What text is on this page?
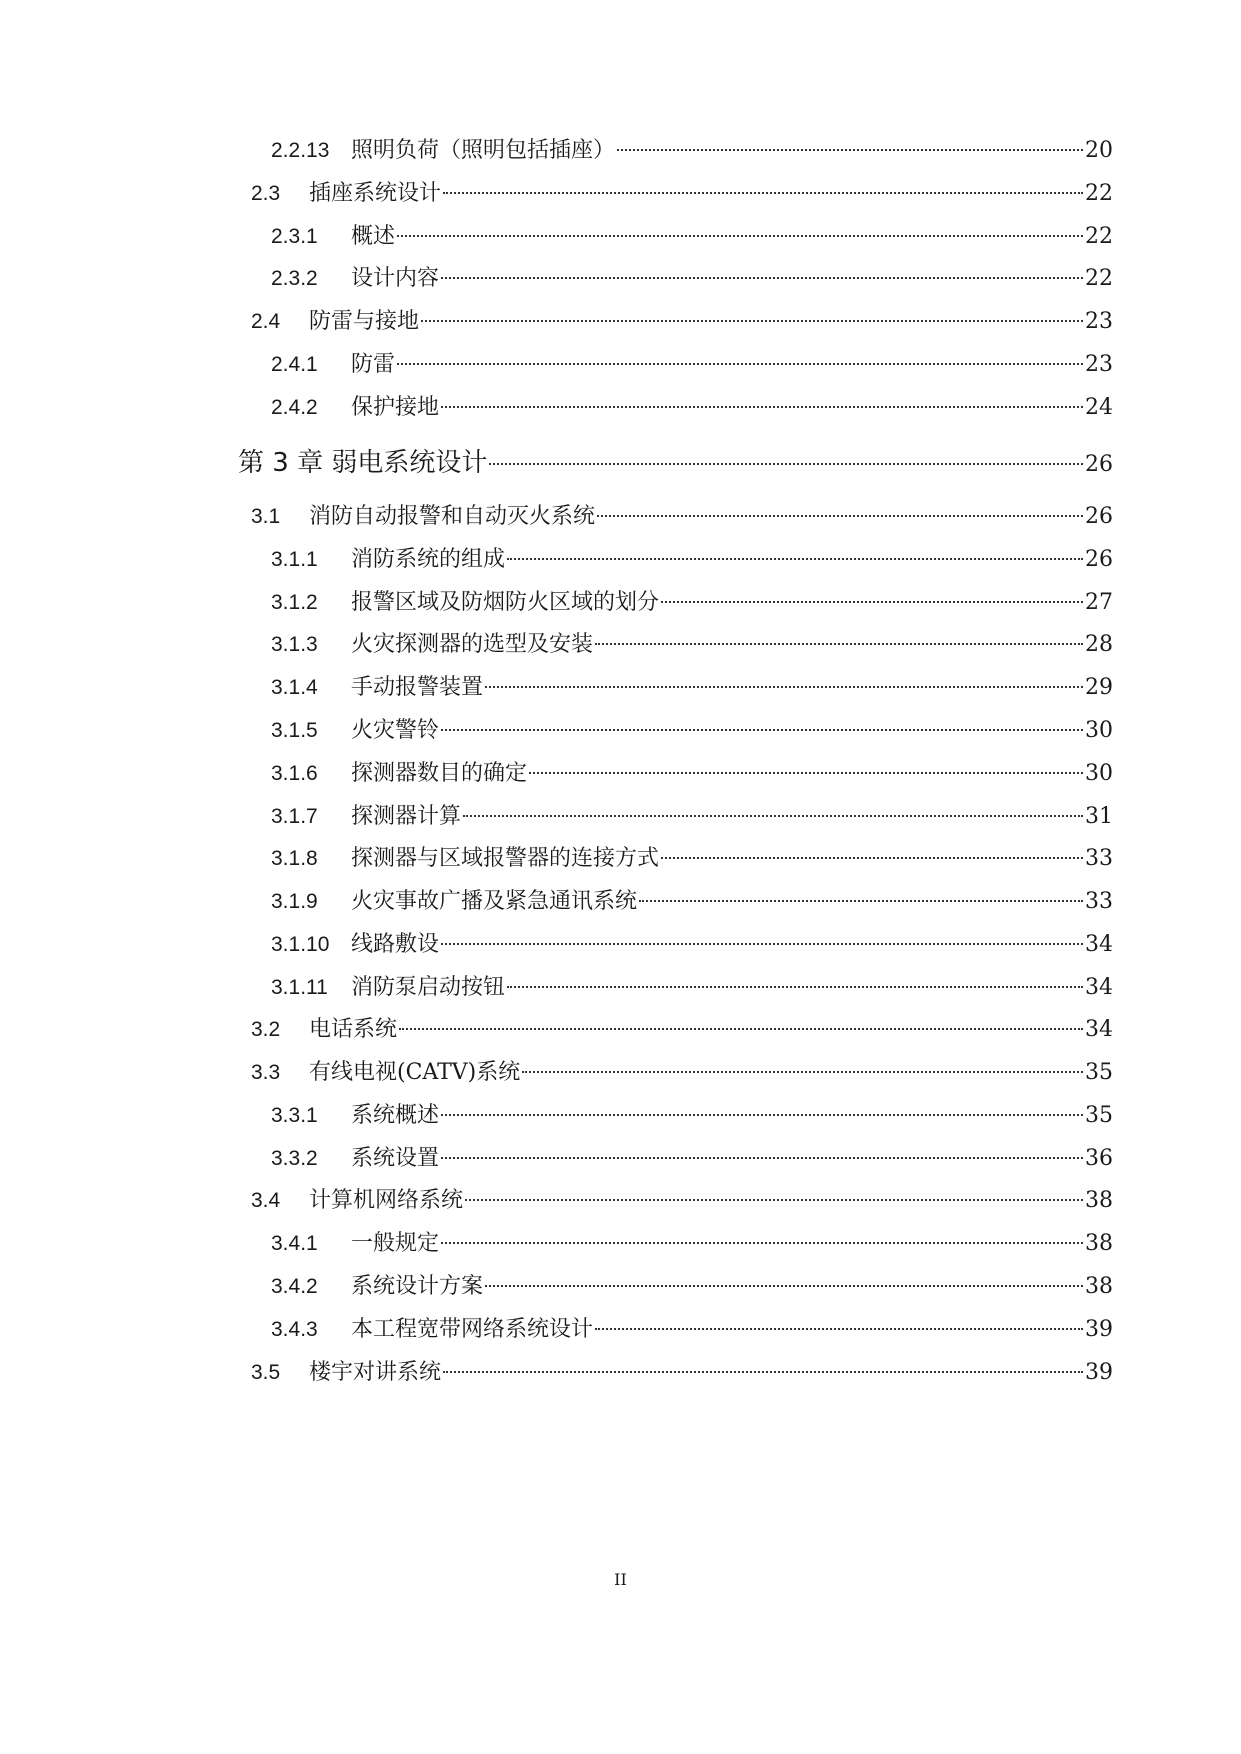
2.2.13 照明负荷（照明包括插座）	20
2.3	插座系统设计	22
2.3.1	概述	22
2.3.2	设计内容	22
2.4	防雷与接地	23
2.4.1	防雷	23
2.4.2	保护接地	24
第 3 章 弱电系统设计	26
3.1	消防自动报警和自动灭火系统	26
3.1.1	消防系统的组成	26
3.1.2	报警区域及防烟防火区域的划分	27
3.1.3	火灾探测器的选型及安装	28
3.1.4	手动报警装置	29
3.1.5	火灾警铃	30
3.1.6	探测器数目的确定	30
3.1.7	探测器计算	31
3.1.8	探测器与区域报警器的连接方式	33
3.1.9	火灾事故广播及紧急通讯系统	33
3.1.10 线路敷设	34
3.1.11	消防泵启动按钮	34
3.2	电话系统	34
3.3	有线电视(CATV)系统	35
3.3.1	系统概述	35
3.3.2	系统设置	36
3.4	计算机网络系统	38
3.4.1	一般规定	38
3.4.2	系统设计方案	38
3.4.3	本工程宽带网络系统设计	39
3.5	楼宇对讲系统	39
II
